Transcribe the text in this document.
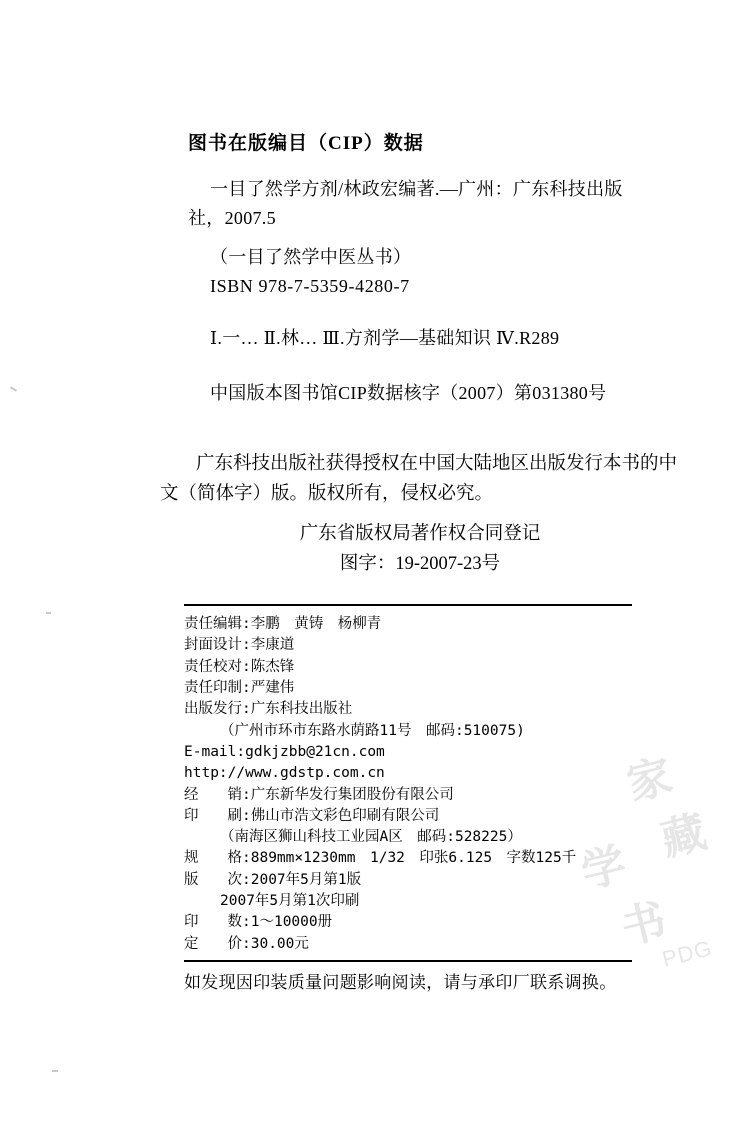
家
藏
学
书
PDG
图书在版编目（CIP）数据
一目了然学方剂/林政宏编著.—广州：广东科技出版
社，2007.5
（一目了然学中医丛书）
ISBN 978-7-5359-4280-7
Ⅰ.一… Ⅱ.林… Ⅲ.方剂学—基础知识 Ⅳ.R289
中国版本图书馆CIP数据核字（2007）第031380号
广东科技出版社获得授权在中国大陆地区出版发行本书的中文（简体字）版。版权所有，侵权必究。
广东省版权局著作权合同登记
图字：19-2007-23号
责任编辑:李鹏　黄铸　杨柳青
封面设计:李康道
责任校对:陈杰锋
责任印制:严建伟
出版发行:广东科技出版社
（广州市环市东路水荫路11号　邮码:510075)
E-mail:gdkjzbb@21cn.com
http://www.gdstp.com.cn
经　　销:广东新华发行集团股份有限公司
印　　刷:佛山市浩文彩色印刷有限公司
（南海区狮山科技工业园A区　邮码:528225）
规　　格:889mm×1230mm　1/32　印张6.125　字数125千
版　　次:2007年5月第1版
2007年5月第1次印刷
印　　数:1～10000册
定　　价:30.00元
如发现因印装质量问题影响阅读，请与承印厂联系调换。
